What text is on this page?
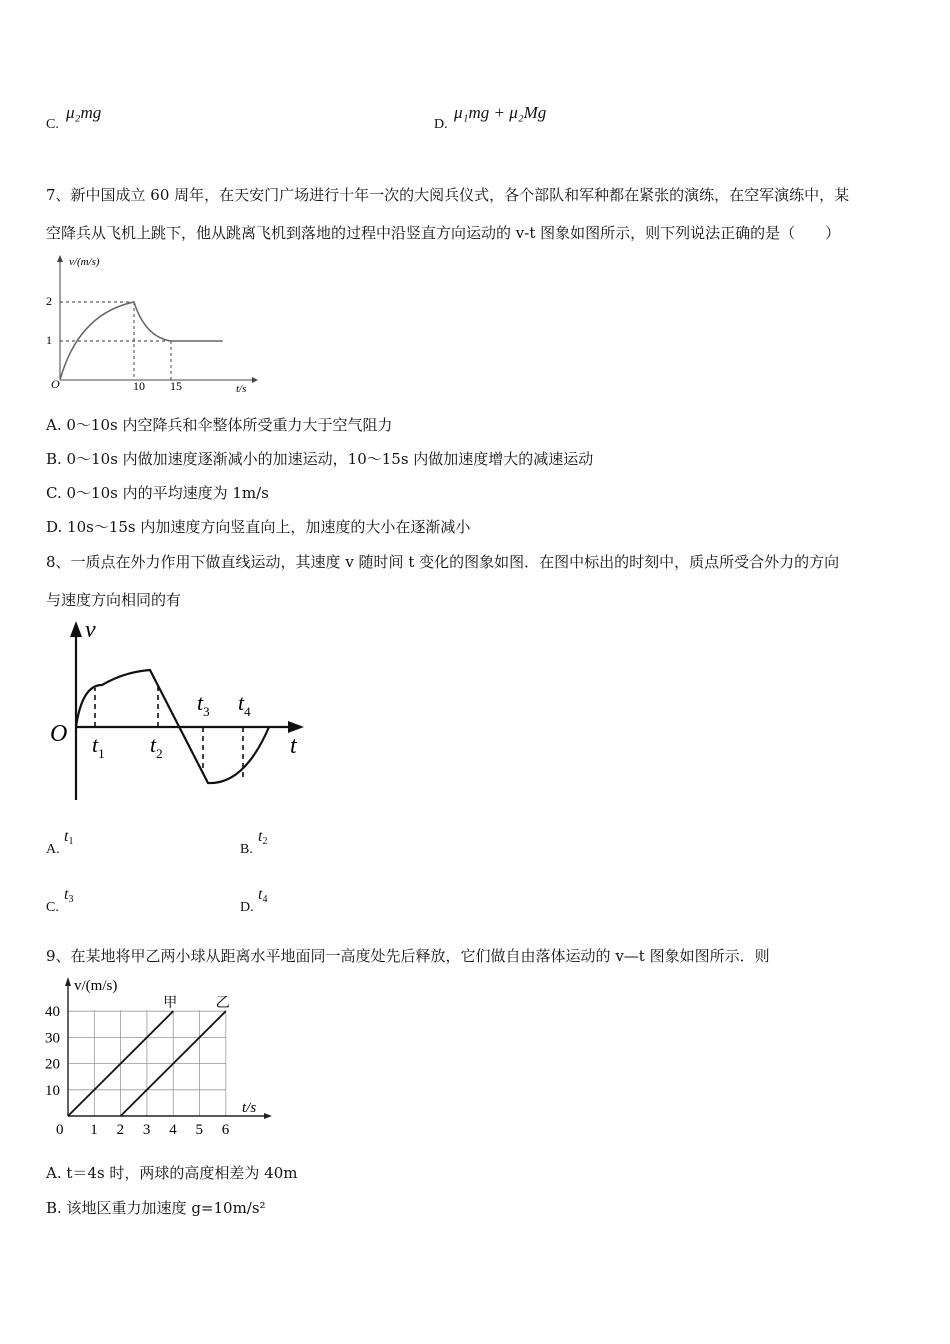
C.
μ₂mg
D.
μ₁mg + μ₂Mg
7、新中国成立 60 周年，在天安门广场进行十年一次的大阅兵仪式，各个部队和军种都在紧张的演练，在空军演练中，某
空降兵从飞机上跳下，他从跳离飞机到落地的过程中沿竖直方向运动的 v-t 图象如图所示，则下列说法正确的是（　　）
v/(m/s)
t/s
O
2
1
10 15
A. 0～10s 内空降兵和伞整体所受重力大于空气阻力
B. 0～10s 内做加速度逐渐减小的加速运动，10～15s 内做加速度增大的减速运动
C. 0～10s 内的平均速度为 1m/s
D. 10s～15s 内加速度方向竖直向上，加速度的大小在逐渐减小
8、一质点在外力作用下做直线运动，其速度 v 随时间 t 变化的图象如图．在图中标出的时刻中，质点所受合外力的方向
与速度方向相同的有
v
t
O $t_1$ $t_2$
$t_3$ $t_4$
A.
$t_1$
B.
$t_2$
C.
$t_3$
D.
$t_4$
9、在某地将甲乙两小球从距离水平地面同一高度处先后释放，它们做自由落体运动的 v—t 图象如图所示．则
v/(m/s)
t/s
0 1 2 3 4 5 6
10
20
30
40
甲	乙
A. t＝4s 时，两球的高度相差为 40m
B. 该地区重力加速度 g=10m/s²
